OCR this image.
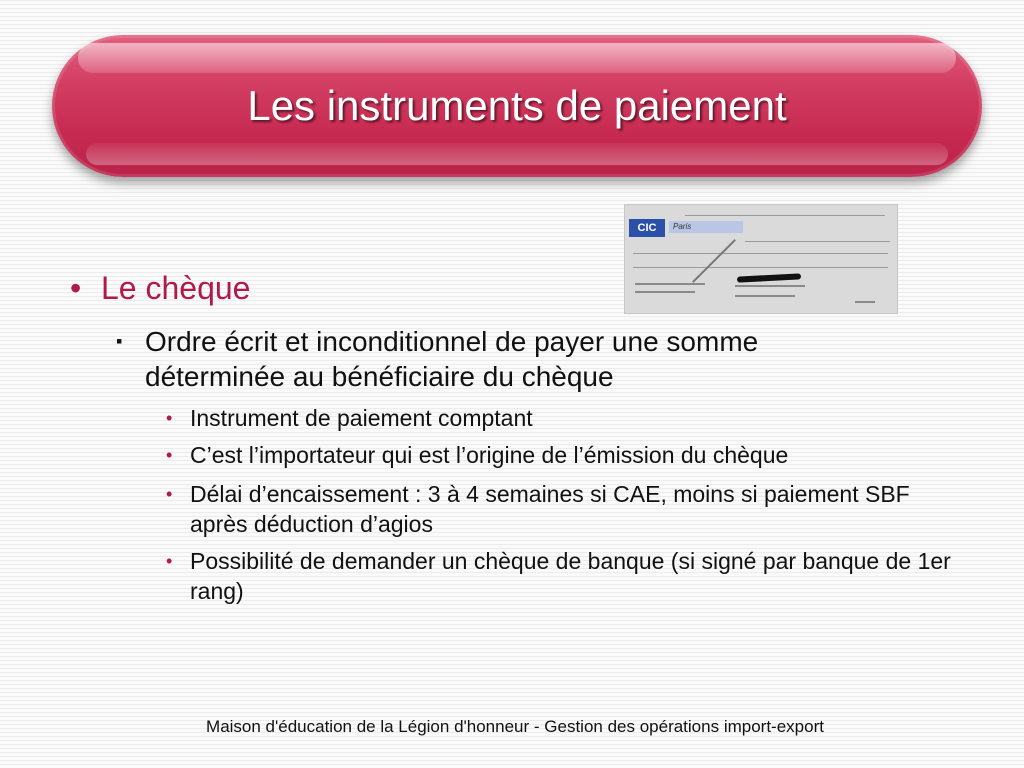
Les instruments de paiement
CIC	Paris
• Le chèque
▪ Ordre écrit et inconditionnel de payer une somme déterminée au bénéficiaire du chèque
• Instrument de paiement comptant
• C’est l’importateur qui est l’origine de l’émission du chèque
• Délai d’encaissement : 3 à 4 semaines si CAE, moins si paiement SBF après déduction d’agios
• Possibilité de demander un chèque de banque (si signé par banque de 1er rang)
Maison d'éducation de la Légion d'honneur - Gestion des opérations import-export
